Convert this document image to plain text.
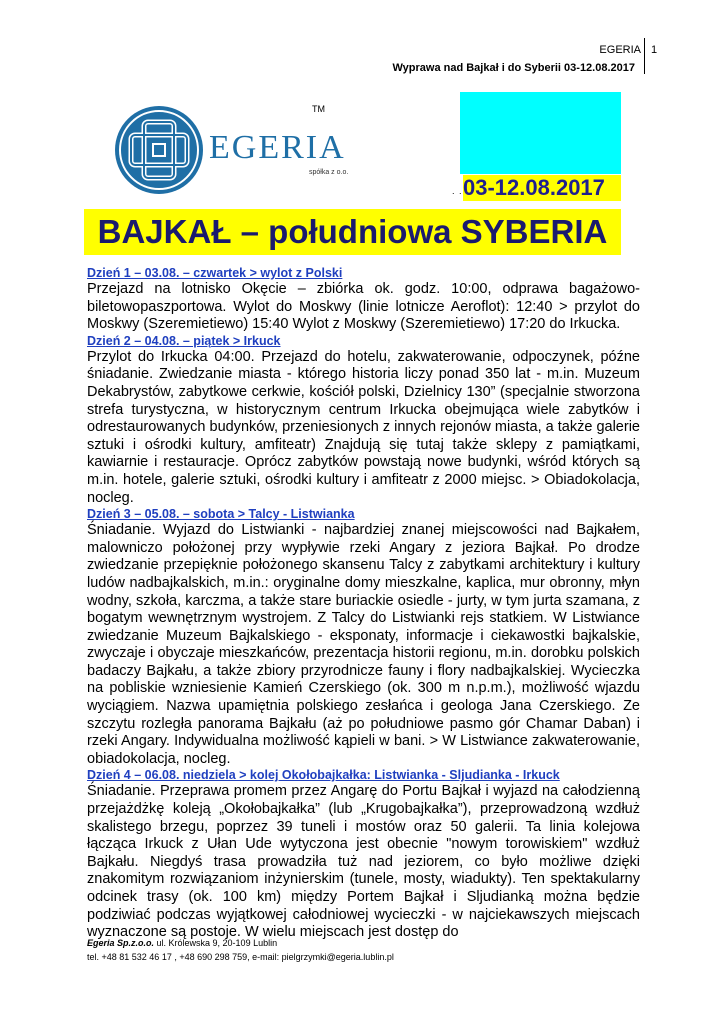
EGERIA 1
Wyprawa nad Bajkał i do Syberii 03-12.08.2017
EGERIA
spółka z o.o.
TM
. . 03-12.08.2017
BAJKAŁ – południowa SYBERIA
Dzień 1 – 03.08. – czwartek > wylot z Polski

Przejazd na lotnisko Okęcie – zbiórka ok. godz. 10:00, odprawa bagażowo-biletowopaszportowa. Wylot do Moskwy (linie lotnicze Aeroflot): 12:40 > przylot do Moskwy (Szeremietiewo) 15:40 Wylot z Moskwy (Szeremietiewo) 17:20 do Irkucka.

Dzień 2 – 04.08. – piątek > Irkuck

Przylot do Irkucka 04:00. Przejazd do hotelu, zakwaterowanie, odpoczynek, późne śniadanie. Zwiedzanie miasta - którego historia liczy ponad 350 lat - m.in. Muzeum Dekabrystów, zabytkowe cerkwie, kościół polski, Dzielnicy 130” (specjalnie stworzona strefa turystyczna, w historycznym centrum Irkucka obejmująca wiele zabytków i odrestaurowanych budynków, przeniesionych z innych rejonów miasta, a także galerie sztuki i ośrodki kultury, amfiteatr) Znajdują się tutaj także sklepy z pamiątkami, kawiarnie i restauracje. Oprócz zabytków powstają nowe budynki, wśród których są m.in. hotele, galerie sztuki, ośrodki kultury i amfiteatr z 2000 miejsc. > Obiadokolacja, nocleg.

Dzień 3 – 05.08. – sobota > Talcy - Listwianka

Śniadanie. Wyjazd do Listwianki - najbardziej znanej miejscowości nad Bajkałem, malowniczo położonej przy wypływie rzeki Angary z jeziora Bajkał. Po drodze zwiedzanie przepięknie położonego skansenu Talcy z zabytkami architektury i kultury ludów nadbajkalskich, m.in.: oryginalne domy mieszkalne, kaplica, mur obronny, młyn wodny, szkoła, karczma, a także stare buriackie osiedle - jurty, w tym jurta szamana, z bogatym wewnętrznym wystrojem. Z Talcy do Listwianki rejs statkiem. W Listwiance zwiedzanie Muzeum Bajkalskiego - eksponaty, informacje i ciekawostki bajkalskie, zwyczaje i obyczaje mieszkańców, prezentacja historii regionu, m.in. dorobku polskich badaczy Bajkału, a także zbiory przyrodnicze fauny i flory nadbajkalskiej. Wycieczka na pobliskie wzniesienie Kamień Czerskiego (ok. 300 m n.p.m.), możliwość wjazdu wyciągiem. Nazwa upamiętnia polskiego zesłańca i geologa Jana Czerskiego. Ze szczytu rozległa panorama Bajkału (aż po południowe pasmo gór Chamar Daban) i rzeki Angary. Indywidualna możliwość kąpieli w bani. > W Listwiance zakwaterowanie, obiadokolacja, nocleg.

Dzień 4 – 06.08. niedziela > kolej Okołobajkałka: Listwianka - Sljudianka - Irkuck

Śniadanie. Przeprawa promem przez Angarę do Portu Bajkał i wyjazd na całodzienną przejażdżkę koleją „Okołobajkałka” (lub „Krugobajkałka”), przeprowadzoną wzdłuż skalistego brzegu, poprzez 39 tuneli i mostów oraz 50 galerii. Ta linia kolejowa łącząca Irkuck z Ułan Ude wytyczona jest obecnie "nowym torowiskiem" wzdłuż Bajkału. Niegdyś trasa prowadziła tuż nad jeziorem, co było możliwe dzięki znakomitym rozwiązaniom inżynierskim (tunele, mosty, wiadukty). Ten spektakularny odcinek trasy (ok. 100 km) między Portem Bajkał i Sljudianką można będzie podziwiać podczas wyjątkowej całodniowej wycieczki - w najciekawszych miejscach wyznaczone są postoje. W wielu miejscach jest dostęp do

Egeria Sp.z.o.o. ul. Królewska 9, 20-109 Lublin
tel. +48 81 532 46 17 , +48 690 298 759, e-mail: pielgrzymki@egeria.lublin.pl
